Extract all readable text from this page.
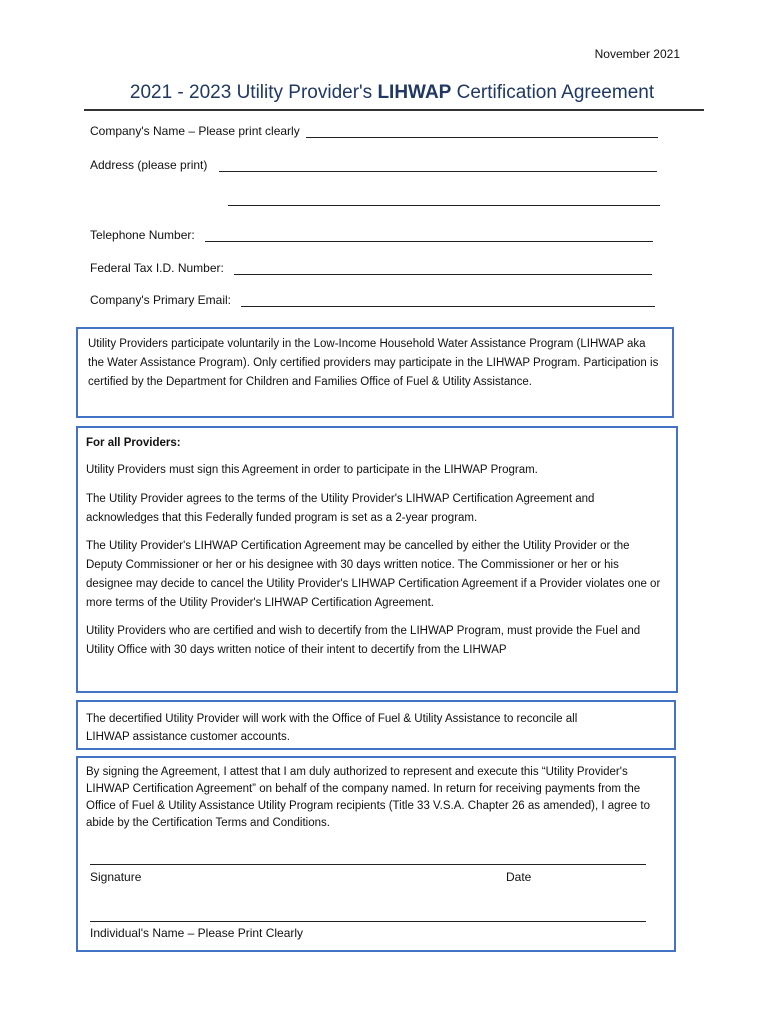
November 2021
2021 - 2023 Utility Provider's LIHWAP Certification Agreement
Company's Name – Please print clearly
Address (please print)
Telephone Number:
Federal Tax I.D. Number:
Company's Primary Email:

Utility Providers participate voluntarily in the Low-Income Household Water Assistance Program (LIHWAP aka the Water Assistance Program). Only certified providers may participate in the LIHWAP Program. Participation is certified by the Department for Children and Families Office of Fuel & Utility Assistance.

For all Providers:

Utility Providers must sign this Agreement in order to participate in the LIHWAP Program.

The Utility Provider agrees to the terms of the Utility Provider's LIHWAP Certification Agreement and acknowledges that this Federally funded program is set as a 2-year program.

The Utility Provider's LIHWAP Certification Agreement may be cancelled by either the Utility Provider or the Deputy Commissioner or her or his designee with 30 days written notice. The Commissioner or her or his designee may decide to cancel the Utility Provider's LIHWAP Certification Agreement if a Provider violates one or more terms of the Utility Provider's LIHWAP Certification Agreement.

Utility Providers who are certified and wish to decertify from the LIHWAP Program, must provide the Fuel and Utility Office with 30 days written notice of their intent to decertify from the LIHWAP

The decertified Utility Provider will work with the Office of Fuel & Utility Assistance to reconcile all LIHWAP assistance customer accounts.

By signing the Agreement, I attest that I am duly authorized to represent and execute this “Utility Provider's LIHWAP Certification Agreement” on behalf of the company named. In return for receiving payments from the Office of Fuel & Utility Assistance Utility Program recipients (Title 33 V.S.A. Chapter 26 as amended), I agree to abide by the Certification Terms and Conditions.

Signature	Date
Individual's Name – Please Print Clearly
